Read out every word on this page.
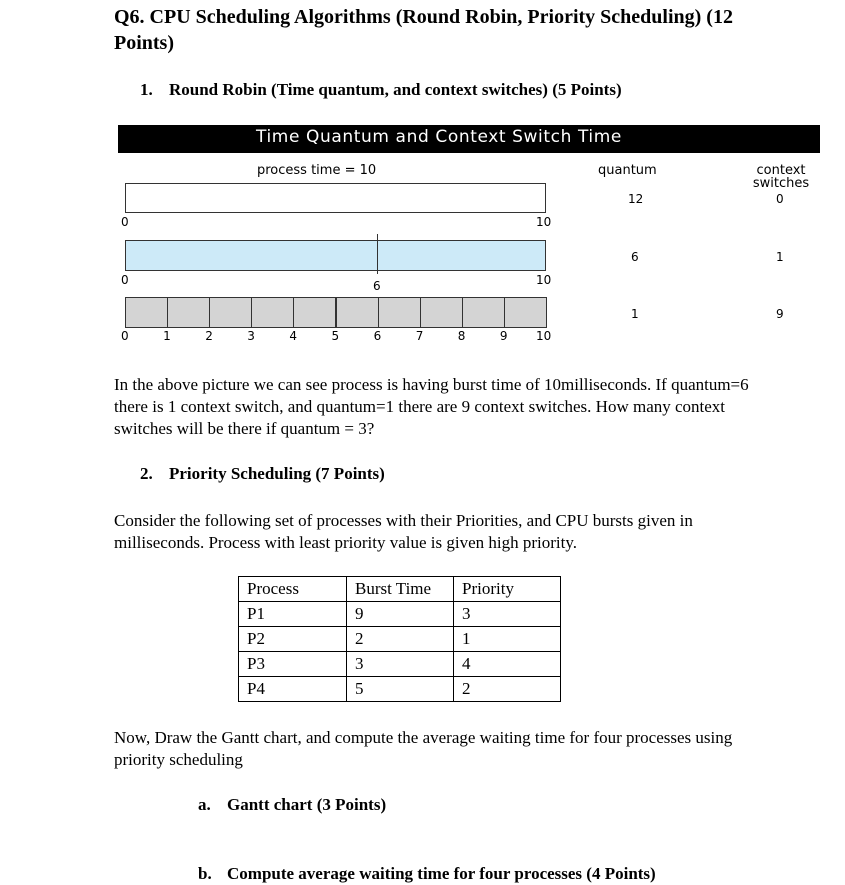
Q6. CPU Scheduling Algorithms (Round Robin, Priority Scheduling) (12
Points)
1. Round Robin (Time quantum, and context switches) (5 Points)
Time Quantum and Context Switch Time
process time = 10	quantum	context
switches
0	10
12	0
0	6	10
6	1
0	1	2	3	4	5	6	7	8	9 10
1	9
In the above picture we can see process is having burst time of 10milliseconds. If quantum=6
there is 1 context switch, and quantum=1 there are 9 context switches. How many context
switches will be there if quantum = 3?
2. Priority Scheduling (7 Points)
Consider the following set of processes with their Priorities, and CPU bursts given in
milliseconds. Process with least priority value is given high priority.
Process	Burst Time	Priority
P1	9	3
P2	2	1
P3	3	4
P4	5	2
Now, Draw the Gantt chart, and compute the average waiting time for four processes using
priority scheduling
a. Gantt chart (3 Points)
b. Compute average waiting time for four processes (4 Points)
